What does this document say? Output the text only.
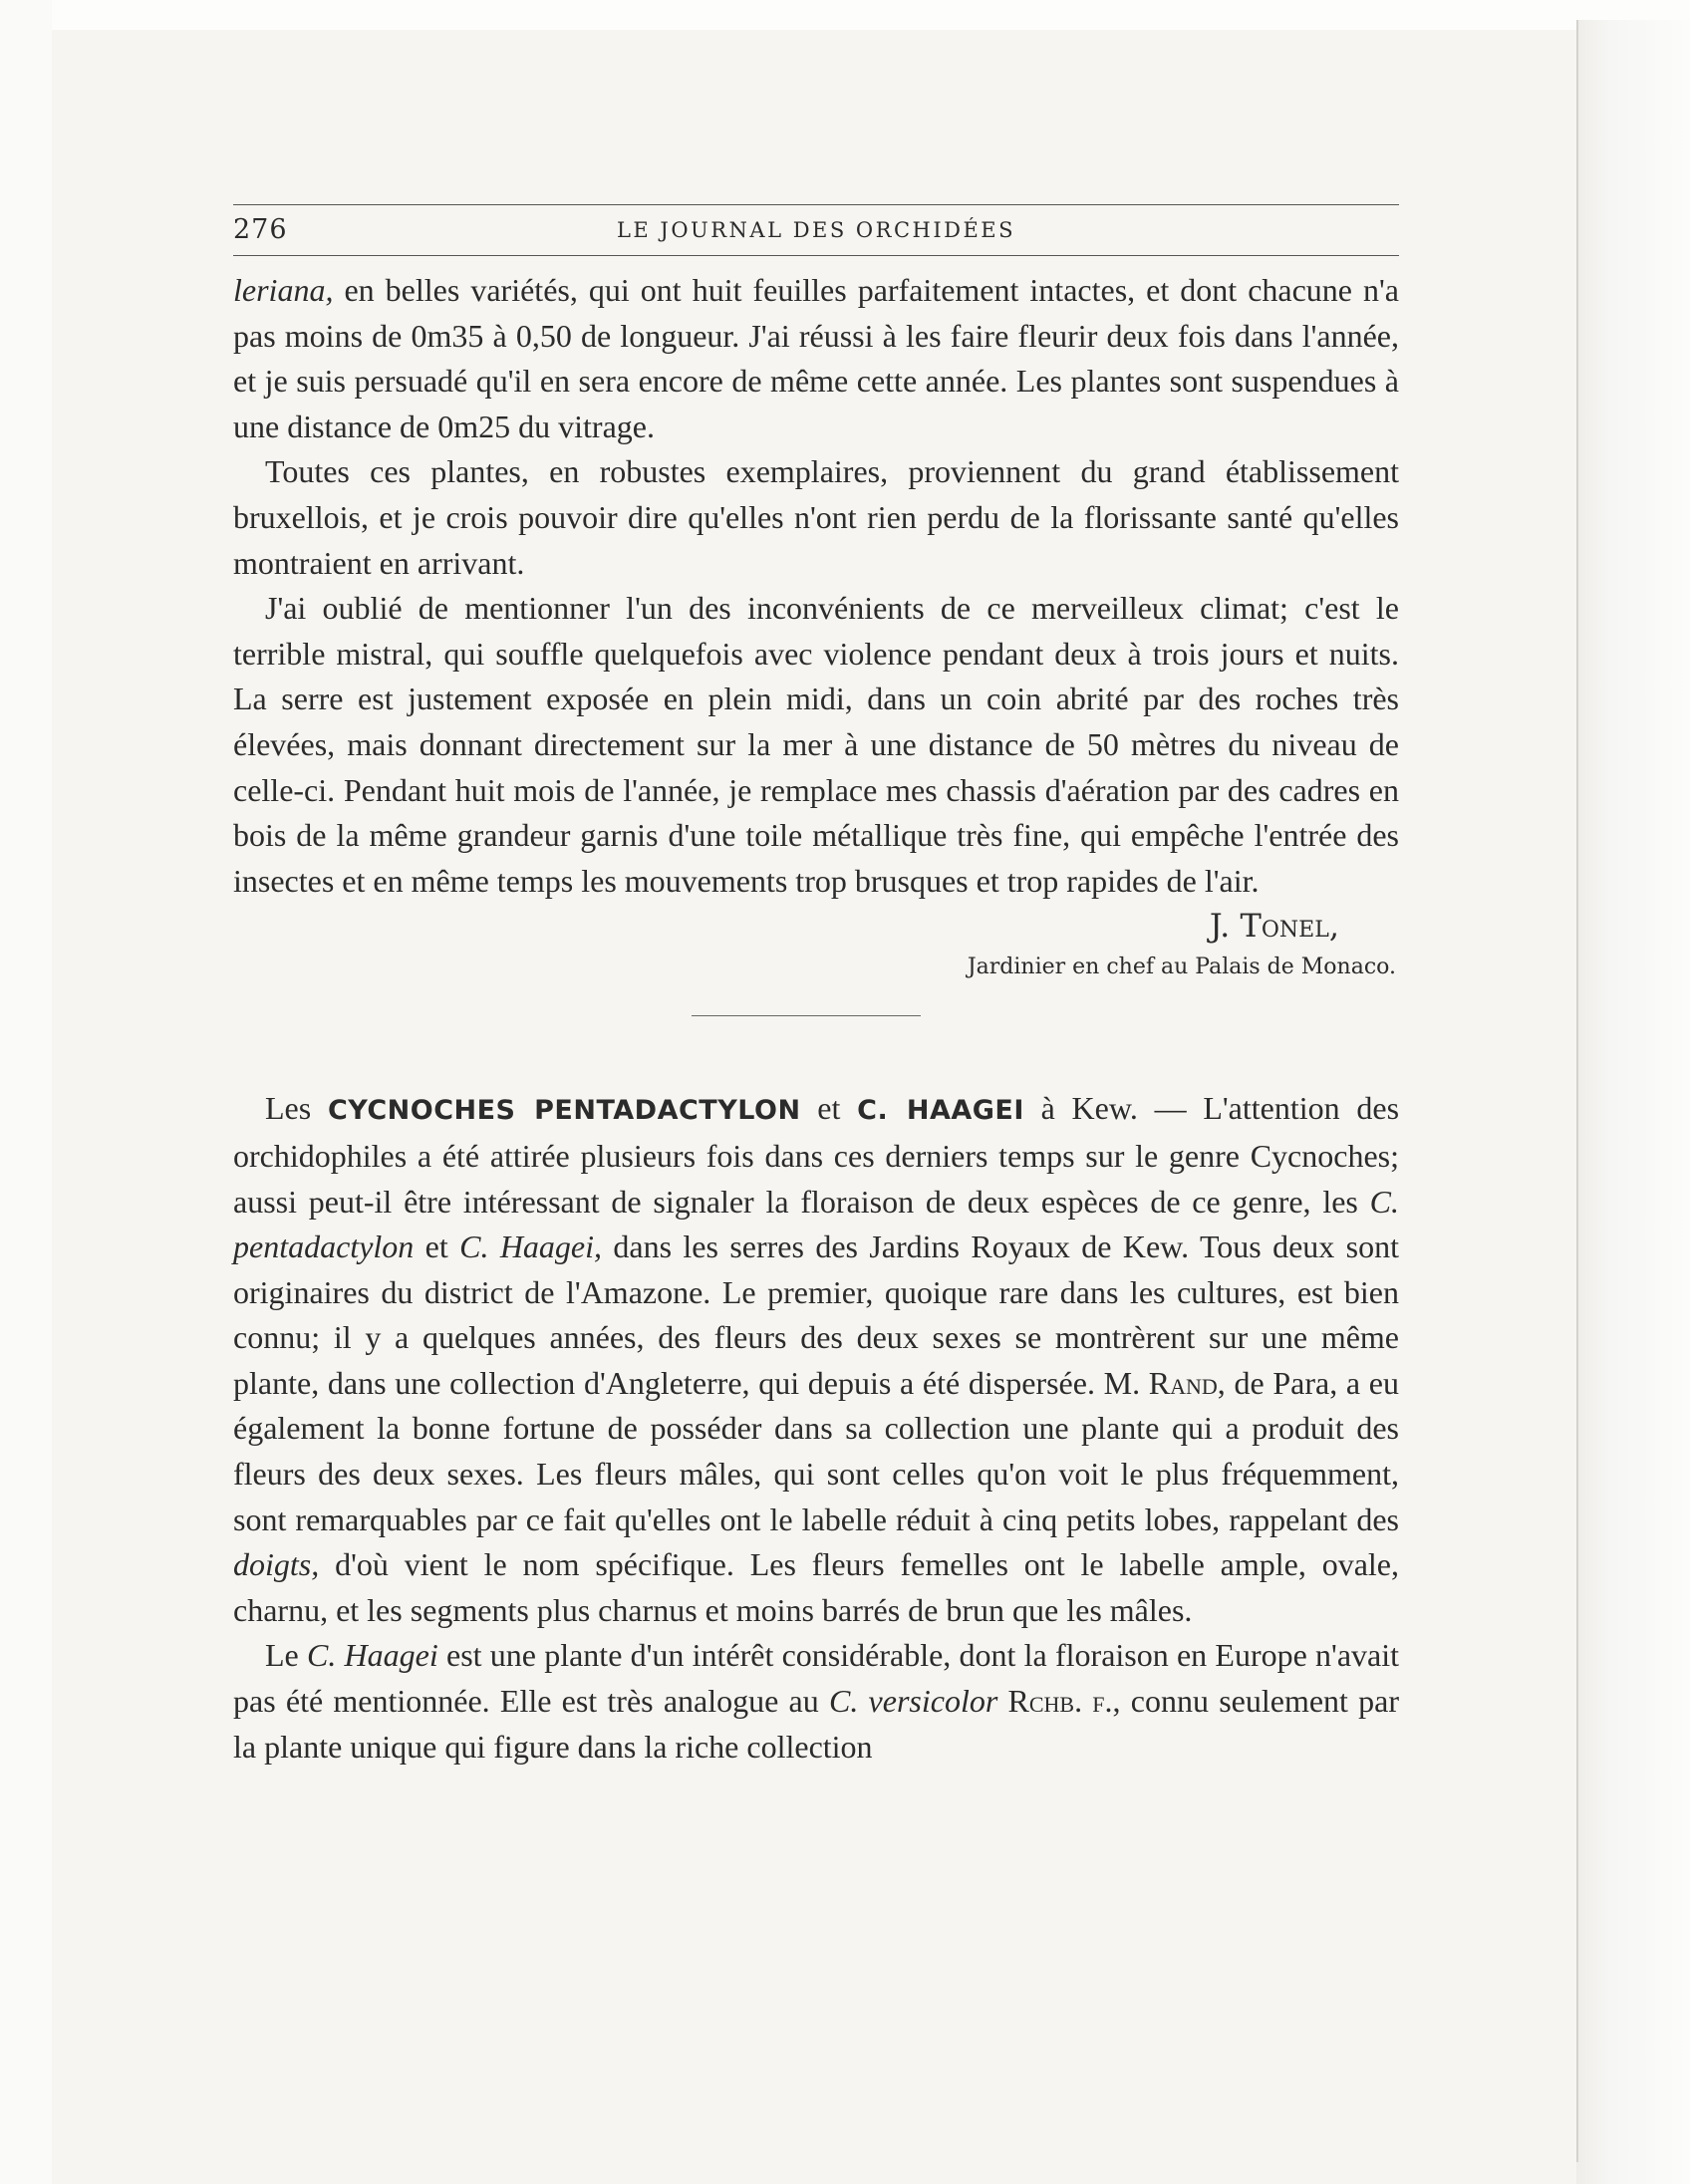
276	LE JOURNAL DES ORCHIDÉES

leriana, en belles variétés, qui ont huit feuilles parfaitement intactes, et dont chacune n'a pas moins de 0m35 à 0,50 de longueur. J'ai réussi à les faire fleurir deux fois dans l'année, et je suis persuadé qu'il en sera encore de même cette année. Les plantes sont suspendues à une distance de 0m25 du vitrage.

Toutes ces plantes, en robustes exemplaires, proviennent du grand établissement bruxellois, et je crois pouvoir dire qu'elles n'ont rien perdu de la florissante santé qu'elles montraient en arrivant.

J'ai oublié de mentionner l'un des inconvénients de ce merveilleux climat; c'est le terrible mistral, qui souffle quelquefois avec violence pendant deux à trois jours et nuits. La serre est justement exposée en plein midi, dans un coin abrité par des roches très élevées, mais donnant directement sur la mer à une distance de 50 mètres du niveau de celle-ci. Pendant huit mois de l'année, je remplace mes chassis d'aération par des cadres en bois de la même grandeur garnis d'une toile métallique très fine, qui empêche l'entrée des insectes et en même temps les mouvements trop brusques et trop rapides de l'air.

J. Tonel,

Jardinier en chef au Palais de Monaco.

Les CYCNOCHES PENTADACTYLON et C. HAAGEI à Kew. — L'attention des orchidophiles a été attirée plusieurs fois dans ces derniers temps sur le genre Cycnoches; aussi peut-il être intéressant de signaler la floraison de deux espèces de ce genre, les C. pentadactylon et C. Haagei, dans les serres des Jardins Royaux de Kew. Tous deux sont originaires du district de l'Amazone. Le premier, quoique rare dans les cultures, est bien connu; il y a quelques années, des fleurs des deux sexes se montrèrent sur une même plante, dans une collection d'Angleterre, qui depuis a été dispersée. M. Rand, de Para, a eu également la bonne fortune de posséder dans sa collection une plante qui a produit des fleurs des deux sexes. Les fleurs mâles, qui sont celles qu'on voit le plus fréquemment, sont remarquables par ce fait qu'elles ont le labelle réduit à cinq petits lobes, rappelant des doigts, d'où vient le nom spécifique. Les fleurs femelles ont le labelle ample, ovale, charnu, et les segments plus charnus et moins barrés de brun que les mâles.

Le C. Haagei est une plante d'un intérêt considérable, dont la floraison en Europe n'avait pas été mentionnée. Elle est très analogue au C. versicolor Rchb. f., connu seulement par la plante unique qui figure dans la riche collection
